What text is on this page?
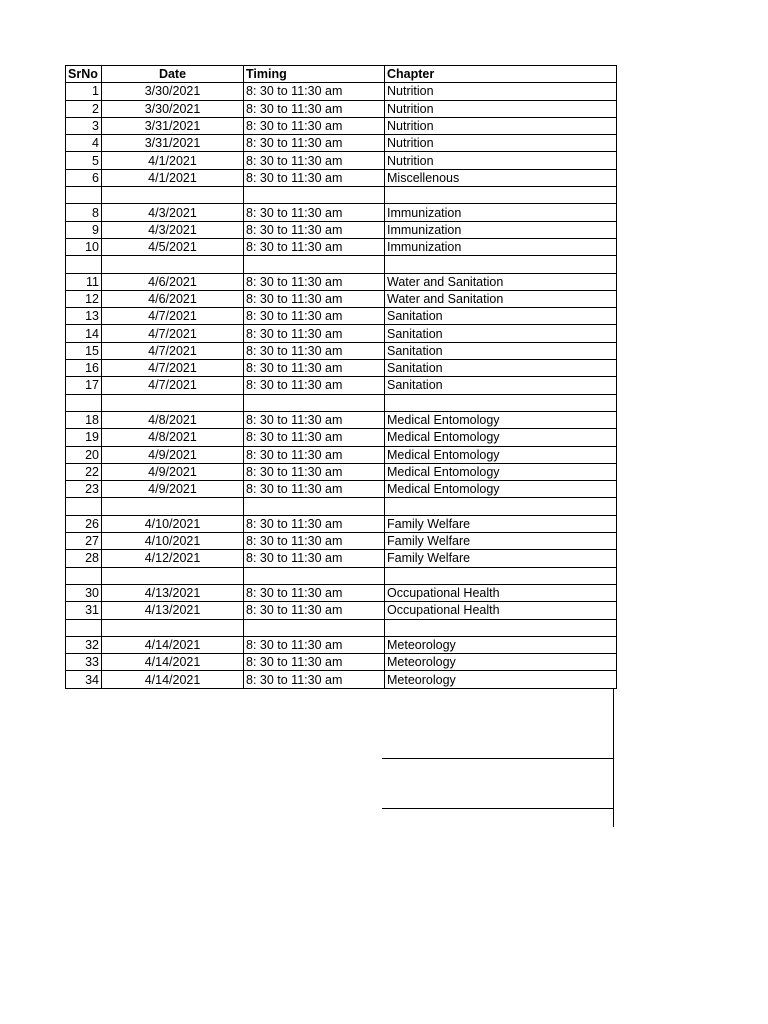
SrNo	Date	Timing	Chapter
1	3/30/2021	8: 30 to 11:30 am	Nutrition
2	3/30/2021	8: 30 to 11:30 am	Nutrition
3	3/31/2021	8: 30 to 11:30 am	Nutrition
4	3/31/2021	8: 30 to 11:30 am	Nutrition
5	4/1/2021	8: 30 to 11:30 am	Nutrition
6	4/1/2021	8: 30 to 11:30 am	Miscellenous

8	4/3/2021	8: 30 to 11:30 am	Immunization
9	4/3/2021	8: 30 to 11:30 am	Immunization
10	4/5/2021	8: 30 to 11:30 am	Immunization

11	4/6/2021	8: 30 to 11:30 am	Water and Sanitation
12	4/6/2021	8: 30 to 11:30 am	Water and Sanitation
13	4/7/2021	8: 30 to 11:30 am	Sanitation
14	4/7/2021	8: 30 to 11:30 am	Sanitation
15	4/7/2021	8: 30 to 11:30 am	Sanitation
16	4/7/2021	8: 30 to 11:30 am	Sanitation
17	4/7/2021	8: 30 to 11:30 am	Sanitation

18	4/8/2021	8: 30 to 11:30 am	Medical Entomology
19	4/8/2021	8: 30 to 11:30 am	Medical Entomology
20	4/9/2021	8: 30 to 11:30 am	Medical Entomology
22	4/9/2021	8: 30 to 11:30 am	Medical Entomology
23	4/9/2021	8: 30 to 11:30 am	Medical Entomology

26	4/10/2021	8: 30 to 11:30 am	Family Welfare
27	4/10/2021	8: 30 to 11:30 am	Family Welfare
28	4/12/2021	8: 30 to 11:30 am	Family Welfare

30	4/13/2021	8: 30 to 11:30 am	Occupational Health
31	4/13/2021	8: 30 to 11:30 am	Occupational Health

32	4/14/2021	8: 30 to 11:30 am	Meteorology
33	4/14/2021	8: 30 to 11:30 am	Meteorology
34	4/14/2021	8: 30 to 11:30 am	Meteorology
